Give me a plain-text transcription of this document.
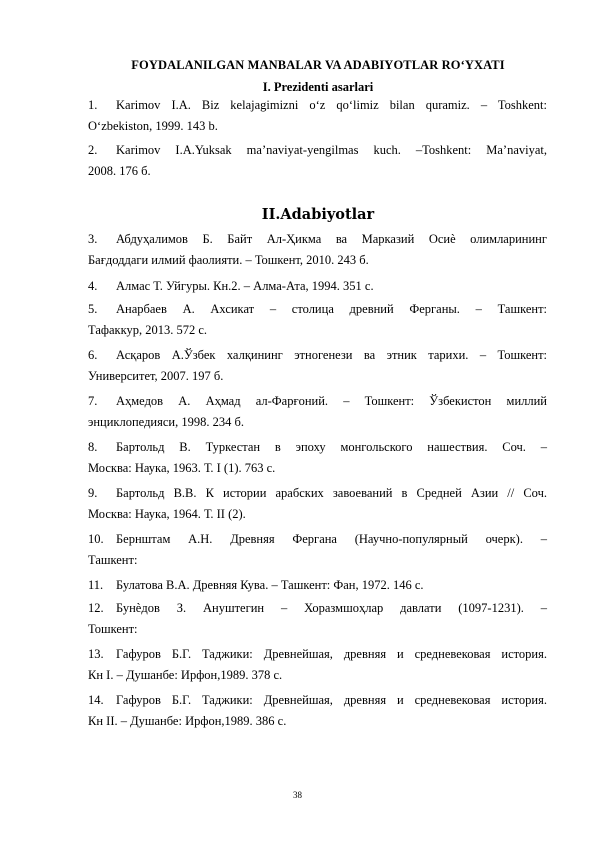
FOYDALANILGAN MANBALAR VA ADABIYOTLAR RO‘YXATI
I. Prezidenti asarlari
1.	Karimov I.A. Biz kelajagimizni o‘z qo‘limiz bilan quramiz. – Toshkent:
O‘zbekiston, 1999. 143 b.
2.	Karimov I.A.Yuksak ma’naviyat-yengilmas kuch. –Toshkent: Ma’naviyat,
2008. 176 б.
II.Adabiyotlar
3.	Абдуҳалимов Б. Байт Ал-Ҳикма ва Марказий Осиѐ олимларининг
Бағдоддаги илмий фаолияти. – Тошкент, 2010. 243 б.
4.	Алмас Т. Уйгуры. Кн.2. – Алма-Ата, 1994. 351 с.
5.	Анарбаев А. Ахсикат – столица древний Ферганы. – Ташкент:
Тафаккур, 2013. 572 с.
6.	Асқаров А.Ўзбек халқининг этногенези ва этник тарихи. – Тошкент:
Университет, 2007. 197 б.
7.	Аҳмедов А. Аҳмад ал-Фарғоний. – Тошкент: Ўзбекистон миллий
энциклопедияси, 1998. 234 б.
8.	Бартольд В. Туркестан в эпоху монгольского нашествия. Соч. –
Москва: Наука, 1963. Т. I (1). 763 с.
9.	Бартольд В.В. К истории арабских завоеваний в Средней Азии // Соч.
Москва: Наука, 1964. Т. II (2).
10. Бернштам А.Н. Древняя Фергана (Научно-популярный очерк). –
Ташкент:
11.	Булатова В.А. Древняя Кува. – Ташкент: Фан, 1972. 146 с.
12. Бунѐдов З. Ануштегин – Хоразмшоҳлар давлати (1097-1231). –
Тошкент:
13. Гафуров Б.Г. Таджики: Древнейшая, древняя и средневековая история.
Кн I. – Душанбе: Ирфон,1989. 378 с.
14. Гафуров Б.Г. Таджики: Древнейшая, древняя и средневековая история.
Кн II. – Душанбе: Ирфон,1989. 386 с.
38
